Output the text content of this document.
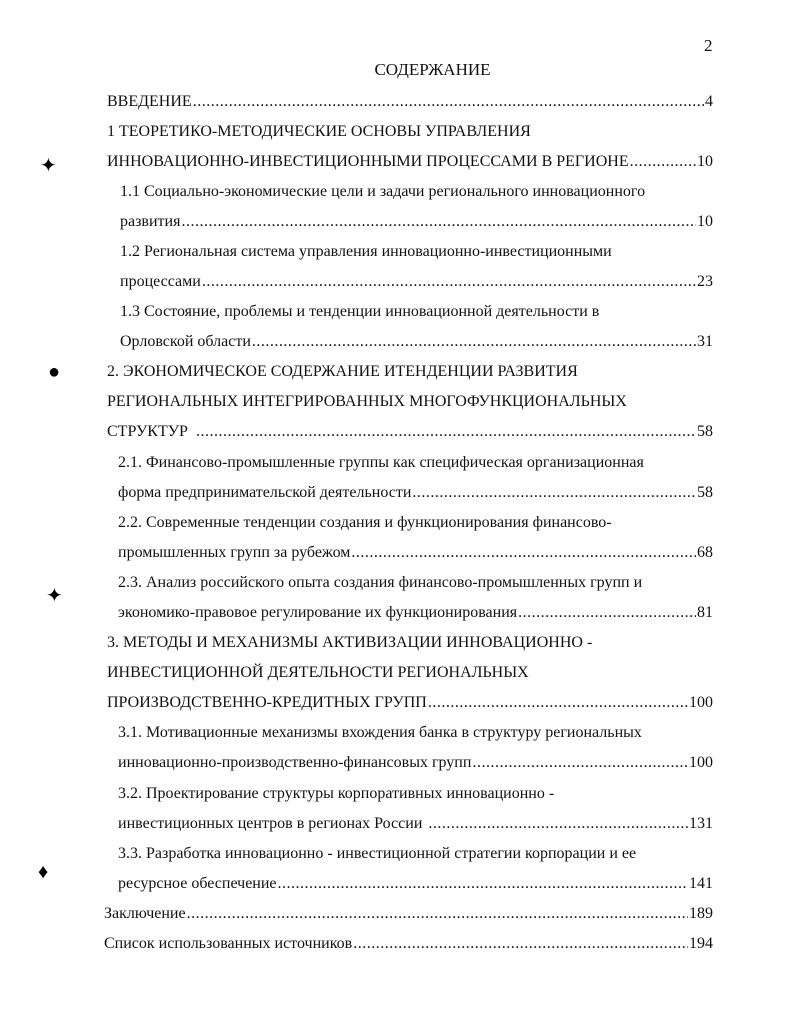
2
СОДЕРЖАНИЕ
✦
●
✦
♦
ВВЕДЕНИЕ .....	4
1 ТЕОРЕТИКО-МЕТОДИЧЕСКИЕ ОСНОВЫ УПРАВЛЕНИЯ
ИННОВАЦИОННО-ИНВЕСТИЦИОННЫМИ ПРОЦЕССАМИ В РЕГИОНЕ .....	10
1.1 Социально-экономические цели и задачи регионального инновационного
развития .....	10
1.2 Региональная система управления инновационно-инвестиционными
процессами .....	23
1.3 Состояние, проблемы и тенденции инновационной деятельности в
Орловской области .....	31
2. ЭКОНОМИЧЕСКОЕ СОДЕРЖАНИЕ ИТЕНДЕНЦИИ РАЗВИТИЯ
РЕГИОНАЛЬНЫХ ИНТЕГРИРОВАННЫХ МНОГОФУНКЦИОНАЛЬНЫХ
СТРУКТУР .....	58
2.1. Финансово-промышленные группы как специфическая организационная
форма предпринимательской деятельности .....	58
2.2. Современные тенденции создания и функционирования финансово-
промышленных групп за рубежом .....	68
2.3. Анализ российского опыта создания финансово-промышленных групп и
экономико-правовое регулирование их функционирования .....	81
3. МЕТОДЫ И МЕХАНИЗМЫ АКТИВИЗАЦИИ ИННОВАЦИОННО -
ИНВЕСТИЦИОННОЙ ДЕЯТЕЛЬНОСТИ РЕГИОНАЛЬНЫХ
ПРОИЗВОДСТВЕННО-КРЕДИТНЫХ ГРУПП .....	100
3.1. Мотивационные механизмы вхождения банка в структуру региональных
инновационно-производственно-финансовых групп .....	100
3.2. Проектирование структуры корпоративных инновационно -
инвестиционных центров в регионах России .....	131
3.3. Разработка инновационно - инвестиционной стратегии корпорации и ее
ресурсное обеспечение .....	141
Заключение .....	189
Список использованных источников .....	194
